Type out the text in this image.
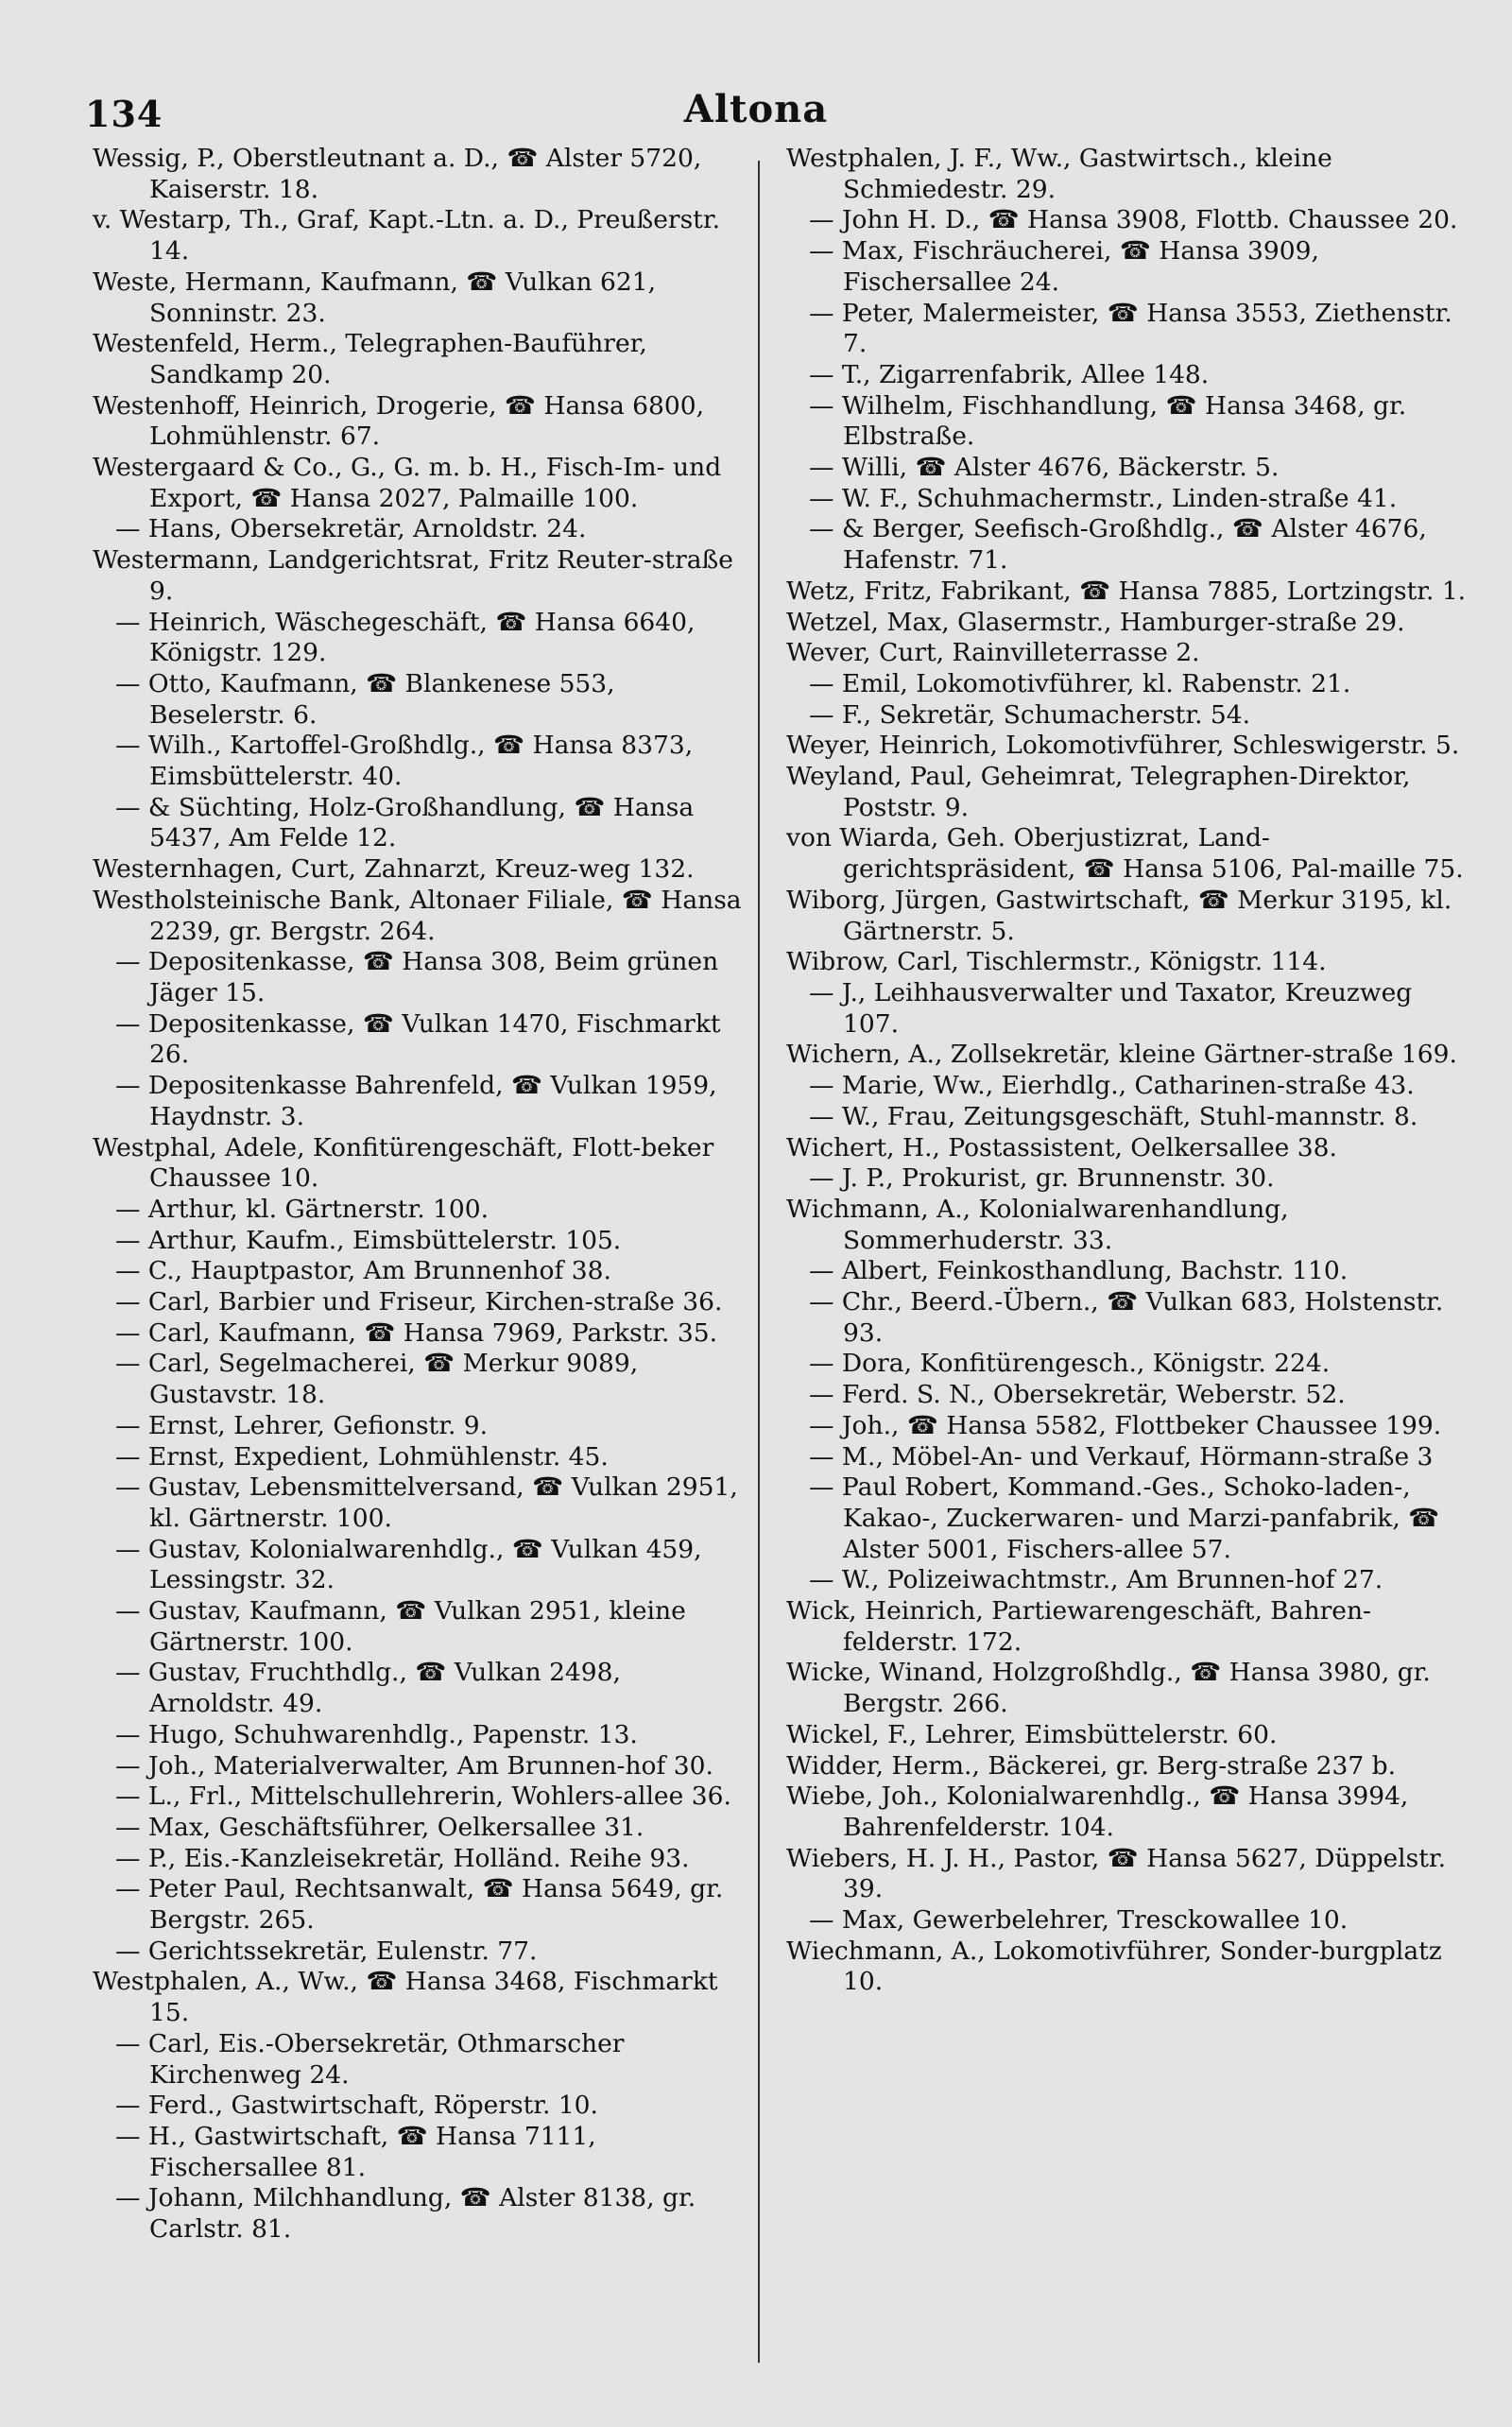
134	Altona
Wessig, P., Oberstleutnant a. D., ☎ Alster 5720, Kaiserstr. 18.
v. Westarp, Th., Graf, Kapt.-Ltn. a. D., Preußerstr. 14.
Weste, Hermann, Kaufmann, ☎ Vulkan 621, Sonninstr. 23.
Westenfeld, Herm., Telegraphen-Bauführer, Sandkamp 20.
Westenhoff, Heinrich, Drogerie, ☎ Hansa 6800, Lohmühlenstr. 67.
Westergaard & Co., G., G. m. b. H., Fisch-Im- und Export, ☎ Hansa 2027, Palmaille 100.
— Hans, Obersekretär, Arnoldstr. 24.
Westermann, Landgerichtsrat, Fritz Reuter-straße 9.
— Heinrich, Wäschegeschäft, ☎ Hansa 6640, Königstr. 129.
— Otto, Kaufmann, ☎ Blankenese 553, Beselerstr. 6.
— Wilh., Kartoffel-Großhdlg., ☎ Hansa 8373, Eimsbüttelerstr. 40.
— & Süchting, Holz-Großhandlung, ☎ Hansa 5437, Am Felde 12.
Westernhagen, Curt, Zahnarzt, Kreuz-weg 132.
Westholsteinische Bank, Altonaer Filiale, ☎ Hansa 2239, gr. Bergstr. 264.
— Depositenkasse, ☎ Hansa 308, Beim grünen Jäger 15.
— Depositenkasse, ☎ Vulkan 1470, Fischmarkt 26.
— Depositenkasse Bahrenfeld, ☎ Vulkan 1959, Haydnstr. 3.
Westphal, Adele, Konfitürengeschäft, Flott-beker Chaussee 10.
— Arthur, kl. Gärtnerstr. 100.
— Arthur, Kaufm., Eimsbüttelerstr. 105.
— C., Hauptpastor, Am Brunnenhof 38.
— Carl, Barbier und Friseur, Kirchen-straße 36.
— Carl, Kaufmann, ☎ Hansa 7969, Parkstr. 35.
— Carl, Segelmacherei, ☎ Merkur 9089, Gustavstr. 18.
— Ernst, Lehrer, Gefionstr. 9.
— Ernst, Expedient, Lohmühlenstr. 45.
— Gustav, Lebensmittelversand, ☎ Vulkan 2951, kl. Gärtnerstr. 100.
— Gustav, Kolonialwarenhdlg., ☎ Vulkan 459, Lessingstr. 32.
— Gustav, Kaufmann, ☎ Vulkan 2951, kleine Gärtnerstr. 100.
— Gustav, Fruchthdlg., ☎ Vulkan 2498, Arnoldstr. 49.
— Hugo, Schuhwarenhdlg., Papenstr. 13.
— Joh., Materialverwalter, Am Brunnen-hof 30.
— L., Frl., Mittelschullehrerin, Wohlers-allee 36.
— Max, Geschäftsführer, Oelkersallee 31.
— P., Eis.-Kanzleisekretär, Holländ. Reihe 93.
— Peter Paul, Rechtsanwalt, ☎ Hansa 5649, gr. Bergstr. 265.
— Gerichtssekretär, Eulenstr. 77.
Westphalen, A., Ww., ☎ Hansa 3468, Fischmarkt 15.
— Carl, Eis.-Obersekretär, Othmarscher Kirchenweg 24.
— Ferd., Gastwirtschaft, Röperstr. 10.
— H., Gastwirtschaft, ☎ Hansa 7111, Fischersallee 81.
— Johann, Milchhandlung, ☎ Alster 8138, gr. Carlstr. 81.
Westphalen, J. F., Ww., Gastwirtsch., kleine Schmiedestr. 29.
— John H. D., ☎ Hansa 3908, Flottb. Chaussee 20.
— Max, Fischräucherei, ☎ Hansa 3909, Fischersallee 24.
— Peter, Malermeister, ☎ Hansa 3553, Ziethenstr. 7.
— T., Zigarrenfabrik, Allee 148.
— Wilhelm, Fischhandlung, ☎ Hansa 3468, gr. Elbstraße.
— Willi, ☎ Alster 4676, Bäckerstr. 5.
— W. F., Schuhmachermstr., Linden-straße 41.
— & Berger, Seefisch-Großhdlg., ☎ Alster 4676, Hafenstr. 71.
Wetz, Fritz, Fabrikant, ☎ Hansa 7885, Lortzingstr. 1.
Wetzel, Max, Glasermstr., Hamburger-straße 29.
Wever, Curt, Rainvilleterrasse 2.
— Emil, Lokomotivführer, kl. Rabenstr. 21.
— F., Sekretär, Schumacherstr. 54.
Weyer, Heinrich, Lokomotivführer, Schleswigerstr. 5.
Weyland, Paul, Geheimrat, Telegraphen-Direktor, Poststr. 9.
von Wiarda, Geh. Oberjustizrat, Land-gerichtspräsident, ☎ Hansa 5106, Pal-maille 75.
Wiborg, Jürgen, Gastwirtschaft, ☎ Merkur 3195, kl. Gärtnerstr. 5.
Wibrow, Carl, Tischlermstr., Königstr. 114.
— J., Leihhausverwalter und Taxator, Kreuzweg 107.
Wichern, A., Zollsekretär, kleine Gärtner-straße 169.
— Marie, Ww., Eierhdlg., Catharinen-straße 43.
— W., Frau, Zeitungsgeschäft, Stuhl-mannstr. 8.
Wichert, H., Postassistent, Oelkersallee 38.
— J. P., Prokurist, gr. Brunnenstr. 30.
Wichmann, A., Kolonialwarenhandlung, Sommerhuderstr. 33.
— Albert, Feinkosthandlung, Bachstr. 110.
— Chr., Beerd.-Übern., ☎ Vulkan 683, Holstenstr. 93.
— Dora, Konfitürengesch., Königstr. 224.
— Ferd. S. N., Obersekretär, Weberstr. 52.
— Joh., ☎ Hansa 5582, Flottbeker Chaussee 199.
— M., Möbel-An- und Verkauf, Hörmann-straße 3
— Paul Robert, Kommand.-Ges., Schoko-laden-, Kakao-, Zuckerwaren- und Marzi-panfabrik, ☎ Alster 5001, Fischers-allee 57.
— W., Polizeiwachtmstr., Am Brunnen-hof 27.
Wick, Heinrich, Partiewarengeschäft, Bahren-felderstr. 172.
Wicke, Winand, Holzgroßhdlg., ☎ Hansa 3980, gr. Bergstr. 266.
Wickel, F., Lehrer, Eimsbüttelerstr. 60.
Widder, Herm., Bäckerei, gr. Berg-straße 237 b.
Wiebe, Joh., Kolonialwarenhdlg., ☎ Hansa 3994, Bahrenfelderstr. 104.
Wiebers, H. J. H., Pastor, ☎ Hansa 5627, Düppelstr. 39.
— Max, Gewerbelehrer, Tresckowallee 10.
Wiechmann, A., Lokomotivführer, Sonder-burgplatz 10.
